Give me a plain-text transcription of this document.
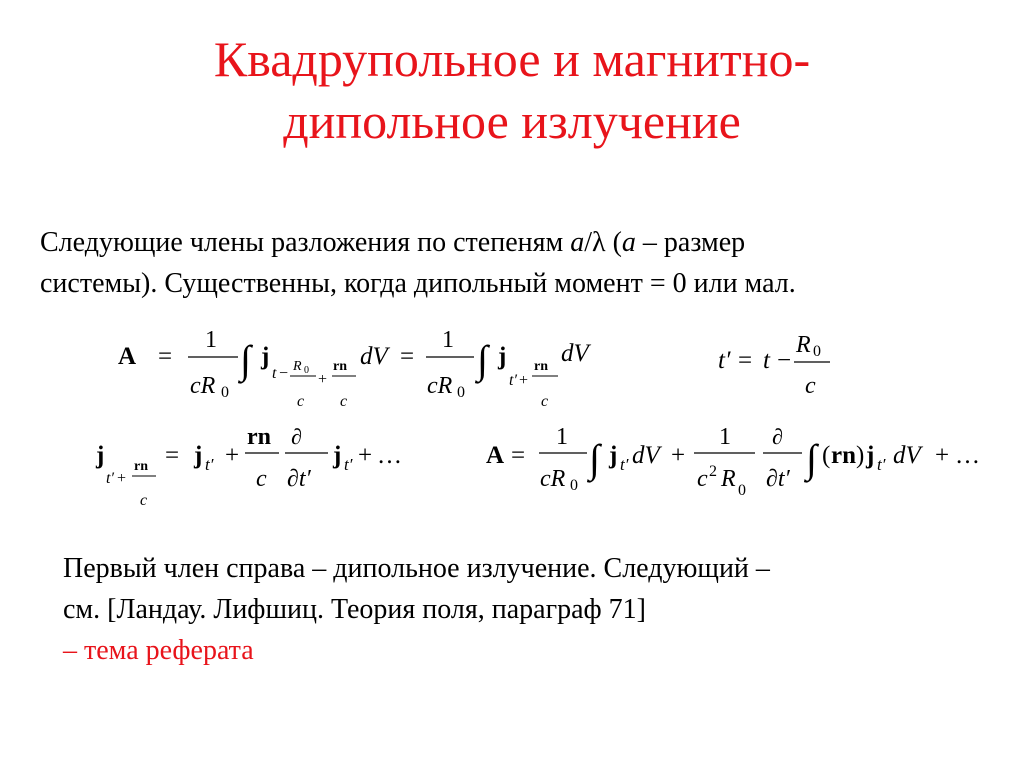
Квадрупольное и магнитно-
дипольное излучение
Следующие члены разложения по степеням a/λ (a – размер
системы). Существенны, когда дипольный момент = 0 или мал.
A =
1
cR 0
∫ j
t − R 0
c
+
rn
c
dV =
1
cR 0
∫ j
t′ +
rn
c
dV	t′ = t −
R 0
c
j
t′ +
rn
c
= j t′ +
rn
c
∂
∂t′
j t′ + …	A =
1
cR 0
∫ j t′ dV +
1
c 2 R 0
∂
∂t′ ∫ ( rn ) j t′ dV + …
Первый член справа – дипольное излучение. Следующий –
см. [Ландау. Лифшиц. Теория поля, параграф 71]
– тема реферата
